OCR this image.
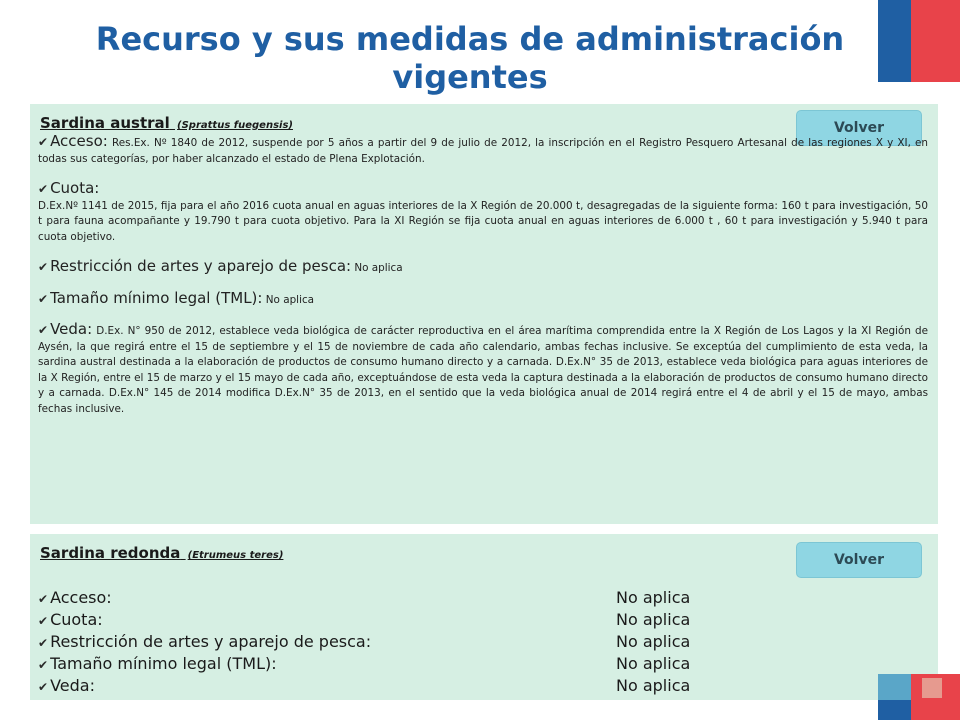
Recurso y sus medidas de administración vigentes
Sardina austral (Sprattus fuegensis)	Volver
✔ Acceso: Res.Ex. Nº 1840 de 2012, suspende por 5 años a partir del 9 de julio de 2012, la inscripción en el Registro Pesquero Artesanal de las regiones X y XI, en todas sus categorías, por haber alcanzado el estado de Plena Explotación.
✔ Cuota:
D.Ex.Nº 1141 de 2015, fija para el año 2016 cuota anual en aguas interiores de la X Región de 20.000 t, desagregadas de la siguiente forma: 160 t para investigación, 50 t para fauna acompañante y 19.790 t para cuota objetivo. Para la XI Región se fija cuota anual en aguas interiores de 6.000 t , 60 t para investigación y 5.940 t para cuota objetivo.
✔ Restricción de artes y aparejo de pesca: No aplica
✔ Tamaño mínimo legal (TML): No aplica
✔ Veda: D.Ex. N° 950 de 2012, establece veda biológica de carácter reproductiva en el área marítima comprendida entre la X Región de Los Lagos y la XI Región de Aysén, la que regirá entre el 15 de septiembre y el 15 de noviembre de cada año calendario, ambas fechas inclusive. Se exceptúa del cumplimiento de esta veda, la sardina austral destinada a la elaboración de productos de consumo humano directo y a carnada. D.Ex.N° 35 de 2013, establece veda biológica para aguas interiores de la X Región, entre el 15 de marzo y el 15 mayo de cada año, exceptuándose de esta veda la captura destinada a la elaboración de productos de consumo humano directo y a carnada. D.Ex.N° 145 de 2014 modifica D.Ex.N° 35 de 2013, en el sentido que la veda biológica anual de 2014 regirá entre el 4 de abril y el 15 de mayo, ambas fechas inclusive.
Sardina redonda (Etrumeus teres)	Volver
✔ Acceso:	No aplica
✔ Cuota:	No aplica
✔ Restricción de artes y aparejo de pesca:	No aplica
✔ Tamaño mínimo legal (TML):	No aplica
✔ Veda:	No aplica
